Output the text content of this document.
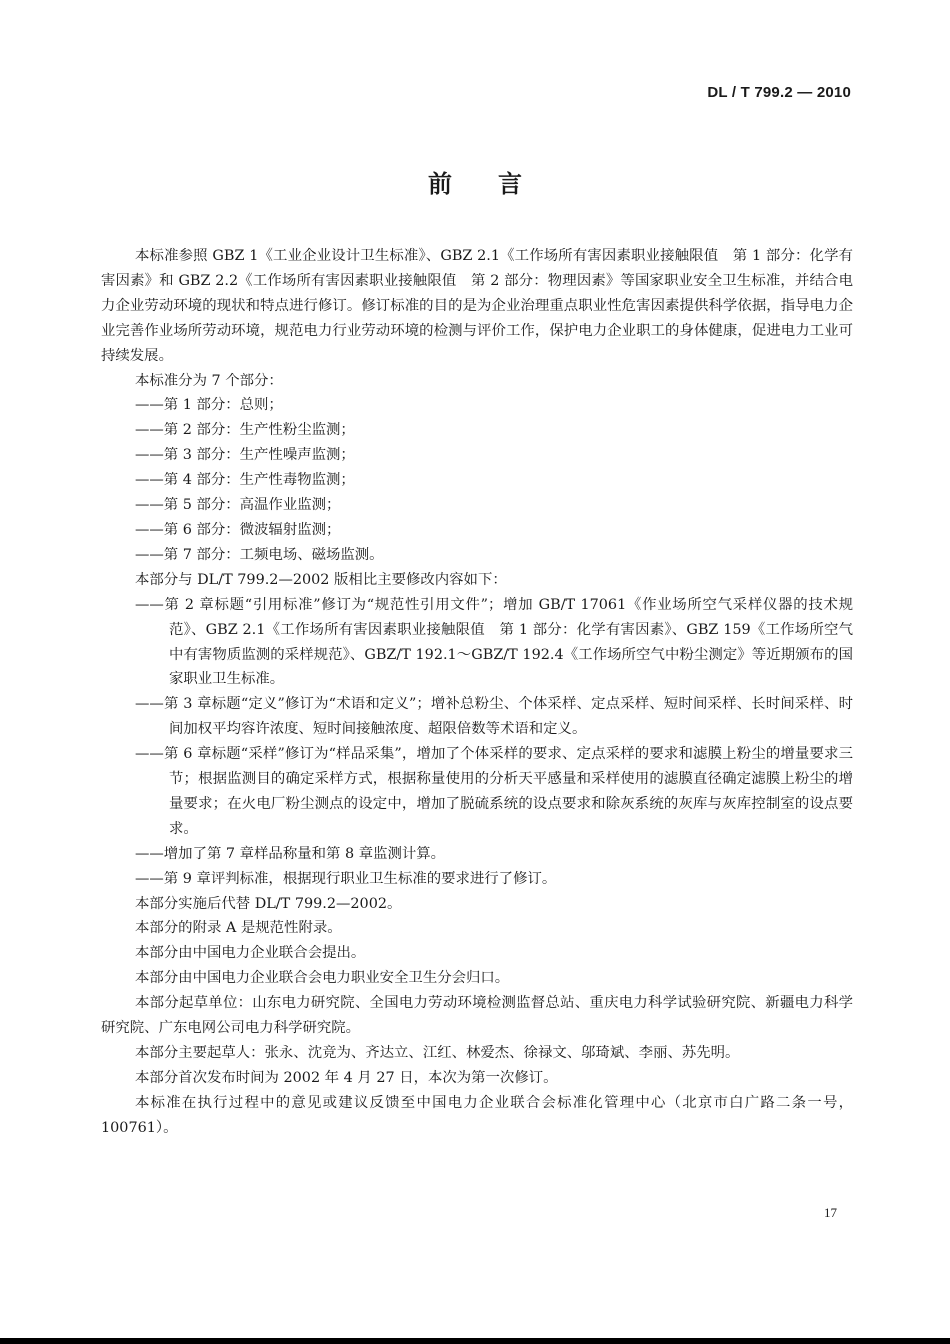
DL / T 799.2 — 2010
前言

本标准参照 GBZ 1《工业企业设计卫生标准》、GBZ 2.1《工作场所有害因素职业接触限值　第 1 部分：化学有害因素》和 GBZ 2.2《工作场所有害因素职业接触限值　第 2 部分：物理因素》等国家职业安全卫生标准，并结合电力企业劳动环境的现状和特点进行修订。修订标准的目的是为企业治理重点职业性危害因素提供科学依据，指导电力企业完善作业场所劳动环境，规范电力行业劳动环境的检测与评价工作，保护电力企业职工的身体健康，促进电力工业可持续发展。

本标准分为 7 个部分：

——第 1 部分：总则；

——第 2 部分：生产性粉尘监测；

——第 3 部分：生产性噪声监测；

——第 4 部分：生产性毒物监测；

——第 5 部分：高温作业监测；

——第 6 部分：微波辐射监测；

——第 7 部分：工频电场、磁场监测。

本部分与 DL/T 799.2—2002 版相比主要修改内容如下：

——第 2 章标题“引用标准”修订为“规范性引用文件”；增加 GB/T 17061《作业场所空气采样仪器的技术规范》、GBZ 2.1《工作场所有害因素职业接触限值　第 1 部分：化学有害因素》、GBZ 159《工作场所空气中有害物质监测的采样规范》、GBZ/T 192.1～GBZ/T 192.4《工作场所空气中粉尘测定》等近期颁布的国家职业卫生标准。

——第 3 章标题“定义”修订为“术语和定义”；增补总粉尘、个体采样、定点采样、短时间采样、长时间采样、时间加权平均容许浓度、短时间接触浓度、超限倍数等术语和定义。

——第 6 章标题“采样”修订为“样品采集”，增加了个体采样的要求、定点采样的要求和滤膜上粉尘的增量要求三节；根据监测目的确定采样方式，根据称量使用的分析天平感量和采样使用的滤膜直径确定滤膜上粉尘的增量要求；在火电厂粉尘测点的设定中，增加了脱硫系统的设点要求和除灰系统的灰库与灰库控制室的设点要求。

——增加了第 7 章样品称量和第 8 章监测计算。

——第 9 章评判标准，根据现行职业卫生标准的要求进行了修订。

本部分实施后代替 DL/T 799.2—2002。

本部分的附录 A 是规范性附录。

本部分由中国电力企业联合会提出。

本部分由中国电力企业联合会电力职业安全卫生分会归口。

本部分起草单位：山东电力研究院、全国电力劳动环境检测监督总站、重庆电力科学试验研究院、新疆电力科学研究院、广东电网公司电力科学研究院。

本部分主要起草人：张永、沈竞为、齐达立、江红、林爱杰、徐禄文、邬琦斌、李丽、苏先明。

本部分首次发布时间为 2002 年 4 月 27 日，本次为第一次修订。

本标准在执行过程中的意见或建议反馈至中国电力企业联合会标准化管理中心（北京市白广路二条一号，100761）。

17
